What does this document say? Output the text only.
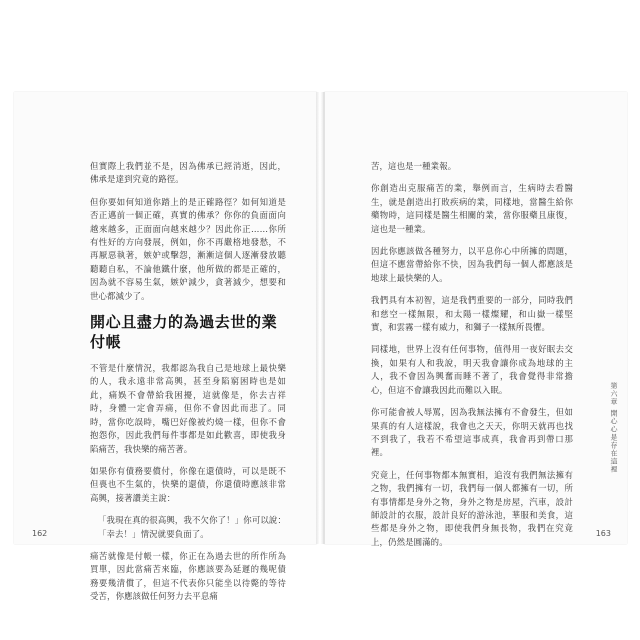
但實際上我們並不是，因為佛承已經消逝，因此，佛承是達到究竟的路徑。

但你要如何知道你踏上的是正確路徑？如何知道是否正邁前一個正確，真實的佛承？你你的負面面向越來越多，正面面向越來越少？因此你正……你所有性好的方向發展，例如，你不再嚴格地發愁，不再厭惡執著，嫉妒或擊怨，漸漸這個人逐漸發放聽聽聽自私，不論他鐵什麼，他所做的都是正確的，因為就不容易生氣，嫉妒減少，貪著減少，想要和世心都減少了。

開心且盡力的為過去世的業付帳

不管是什麼情況，我都認為我自己是地球上最快樂的人，我永遠非常高興，甚至身陷窮困時也是如此，痛娛不會帶給我困擾，這就像是，你去吉祥時，身體一定會弄痛，但你不會因此而悲了。同時，當你吃誤時，嘴巴好像被灼燒一樣，但你不會抱怨你，因此我們每件事都是如此歡喜，即使我身陷痛苦，我快樂的痛苦著。

如果你有債務要償付，你像在還債時，可以是既不但喪也不生氣的，快樂的還債，你還債時應該非常高興，接著讚美主說：

「我現在真的很高興，我不欠你了！」你可以說：「幸去！」情況就要負面了。

痛苦就像是付帳一樣，你正在為過去世的所作所為買單，因此當痛苦來臨，你應該要為延遲的幾呢債務要幾清償了，但這不代表你只能坐以待斃的等待受苦，你應該做任何努力去平息痛

162

苦，這也是一種業報。

你創造出克服痛苦的業，舉例而言，生病時去看醫生，就是創造出打敗疾病的業，同樣地，當醫生給你藥物時，這同樣是醫生相關的業，當你服藥且康復，這也是一種業。

因此你應該做各種努力，以平息你心中所擁的問題，但這不應當帶給你不快，因為我們每一個人都應該是地球上最快樂的人。

我們具有本初智，這是我們重要的一部分，同時我們和慈空一樣無限，和太陽一樣燦耀，和山嶽一樣堅實，和雲霧一樣有威力，和獅子一樣無所畏懼。

同樣地，世界上沒有任何事物，值得用一夜好眠去交換，如果有人和我說，明天我會讓你成為地球的主人，我不會因為興奮而睡不著了，我會覺得非常擔心，但這不會讓我因此而難以入眠。

你可能會被人辱罵，因為我無法擁有不會發生，但如果真的有人這樣說，我會也之天天，你明天就再也找不到我了，我若不希望這事成真，我會再到帶口那裡。

究竟上，任何事物都本無實相，追沒有我們無法擁有之物，我們擁有一切，我們每一個人都擁有一切，所有事情都是身外之物，身外之物是房屋，汽車，設計師設計的衣服，設計良好的游泳池，華服和美食，這些都是身外之物，即使我們身無長物，我們在究竟上，仍然是圓滿的。

第六章 開心心是存在這裡
163
